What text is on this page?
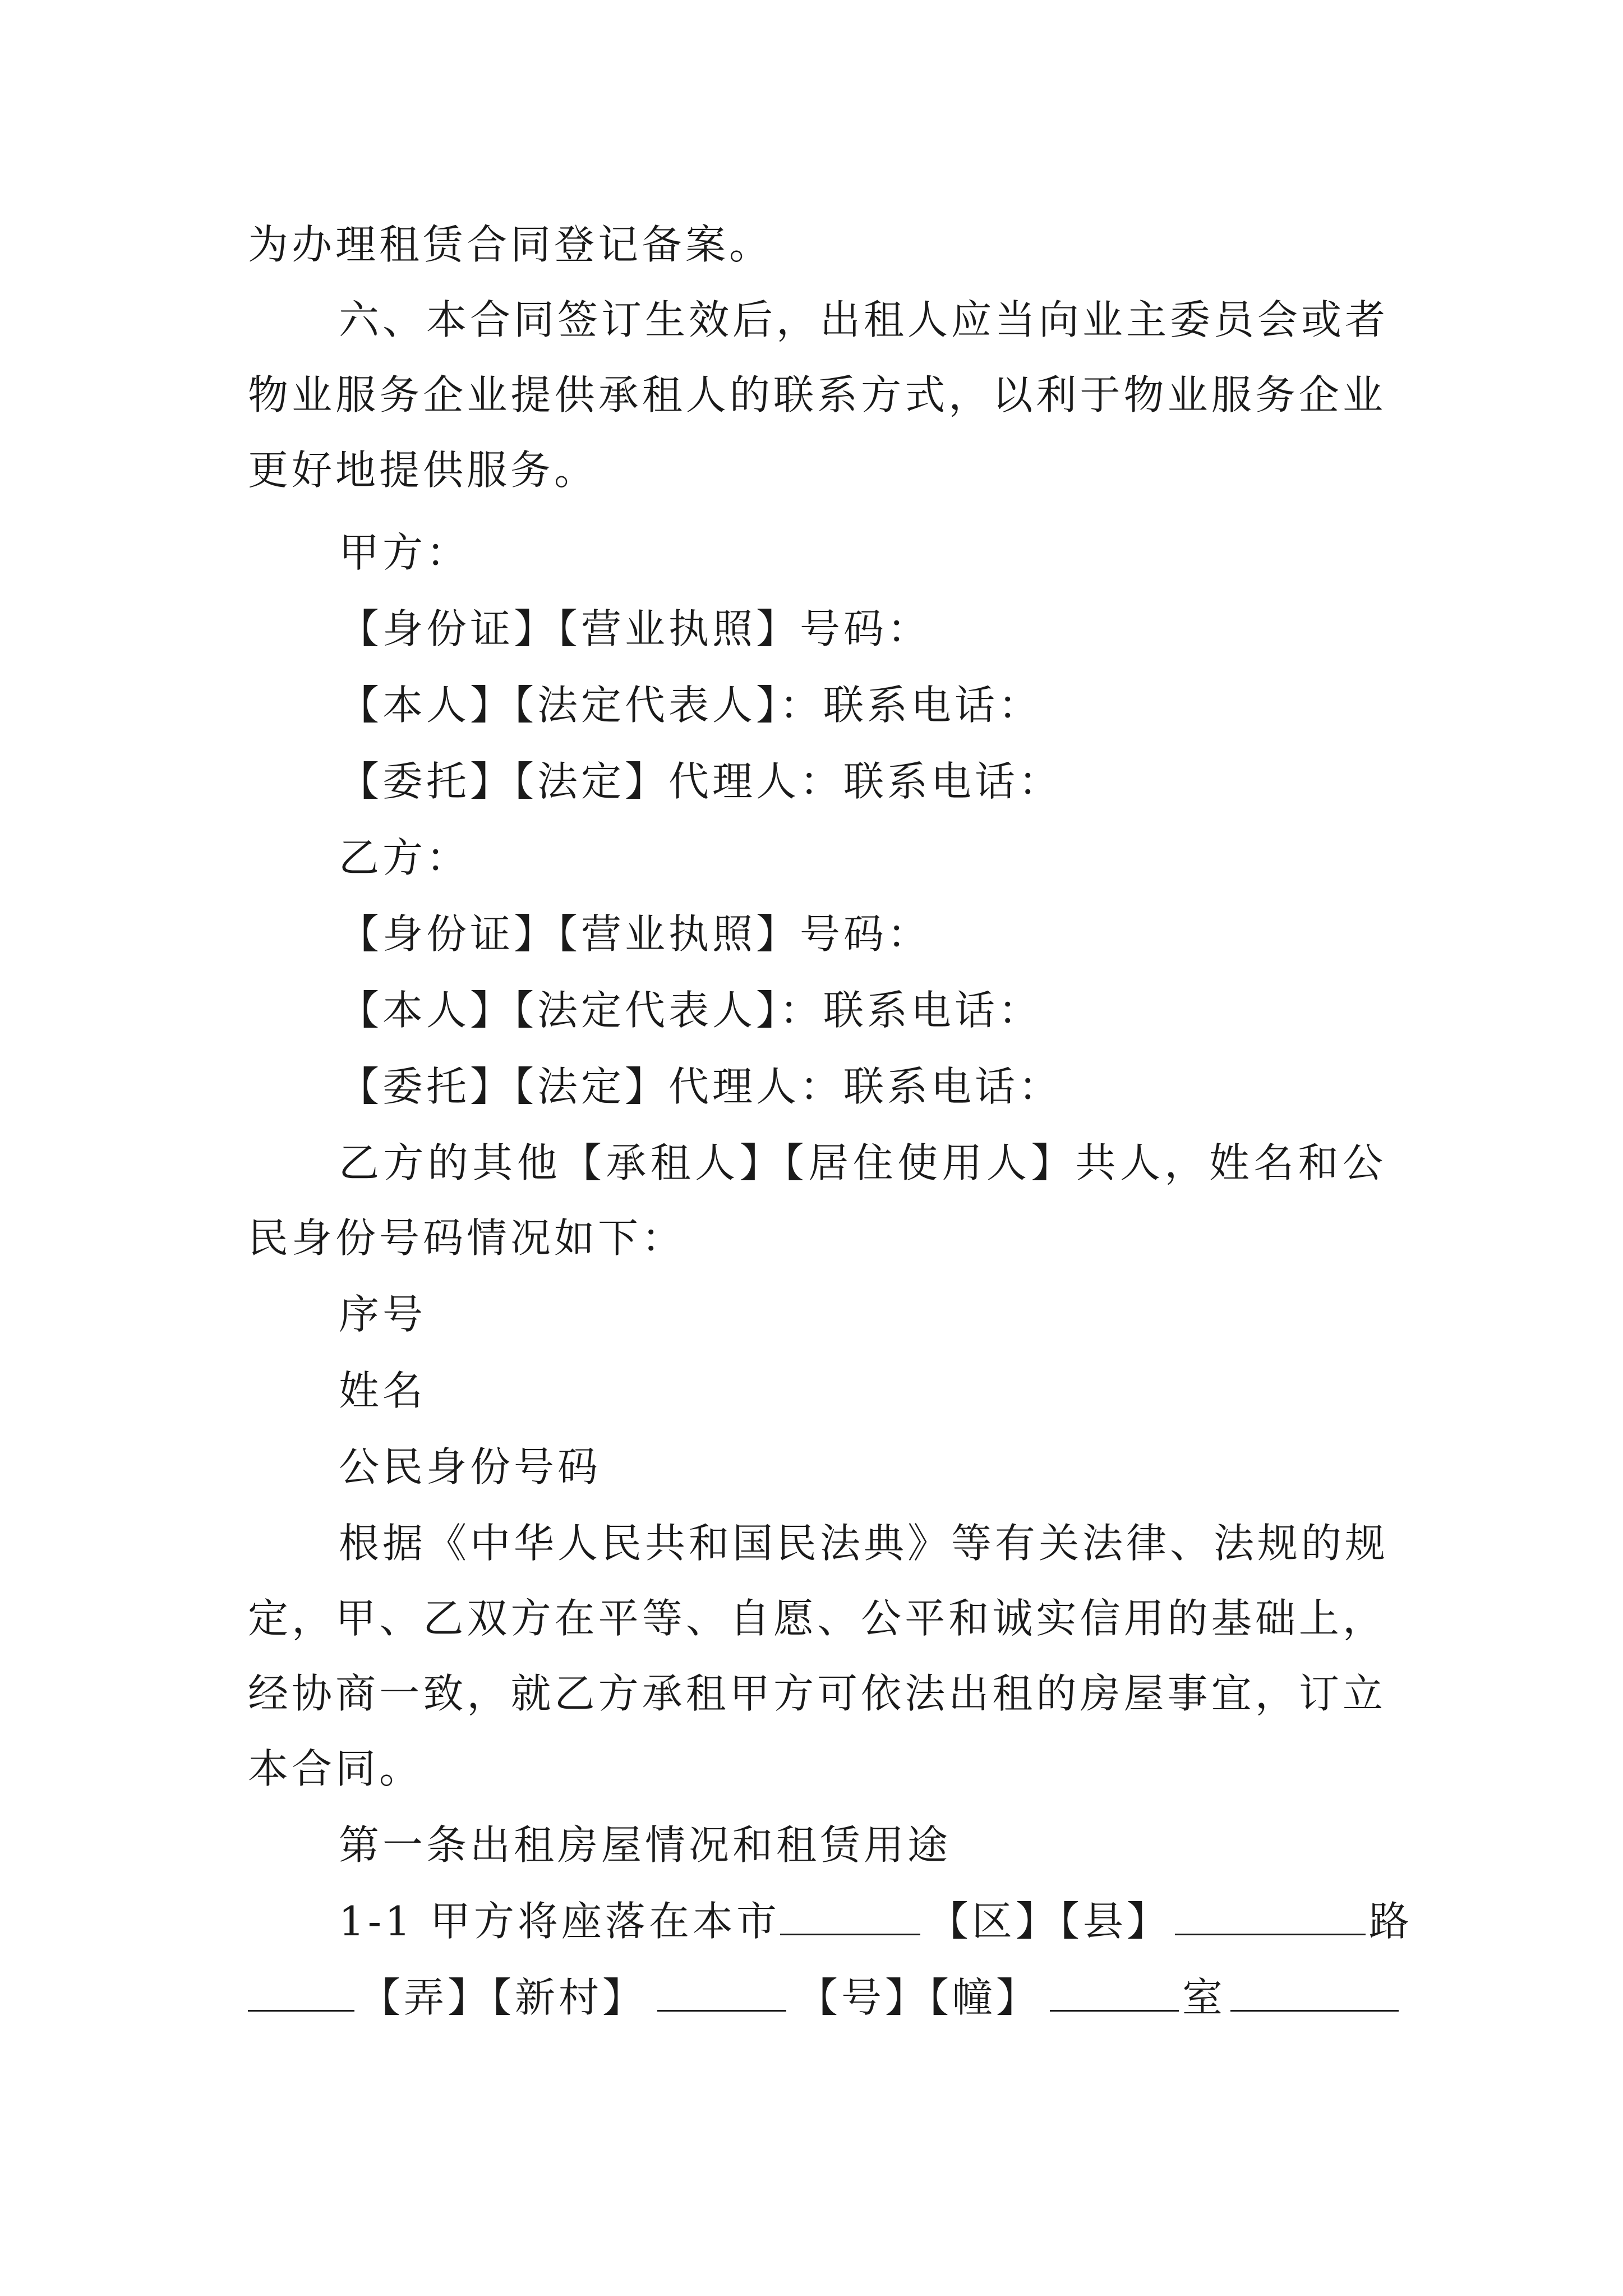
为办理租赁合同登记备案。
六、本合同签订生效后，出租人应当向业主委员会或者
物业服务企业提供承租人的联系方式，以利于物业服务企业
更好地提供服务。
甲方：
【身份证】【营业执照】号码：
【本人】【法定代表人】：联系电话：
【委托】【法定】代理人：联系电话：
乙方：
【身份证】【营业执照】号码：
【本人】【法定代表人】：联系电话：
【委托】【法定】代理人：联系电话：
乙方的其他【承租人】【居住使用人】共人，姓名和公
民身份号码情况如下：
序号
姓名
公民身份号码
根据《中华人民共和国民法典》等有关法律、法规的规
定，甲、乙双方在平等、自愿、公平和诚实信用的基础上，
经协商一致，就乙方承租甲方可依法出租的房屋事宜，订立
本合同。
第一条出租房屋情况和租赁用途
1-1 甲方将座落在本市	【区】【县】	路
【弄】【新村】	【号】【幢】	室
